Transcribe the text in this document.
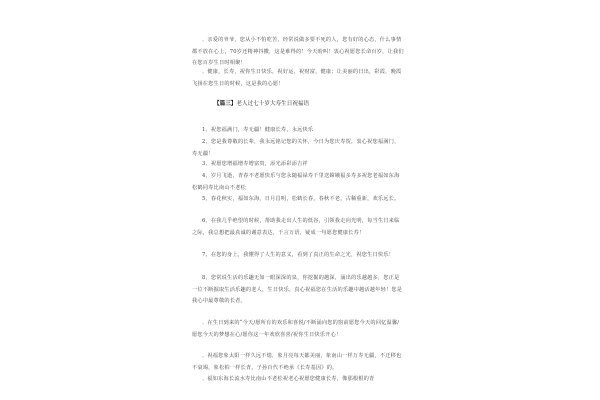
、亲爱的爷爷，您从小不怕吃苦，经常说做多要不死的人，您有好的心态，什么事情都不放在心上，70岁还精神抖擞，这是难得的！今天盼叫！衷心祝愿您长命百岁，让我们在您百岁生日时相聚！

、健康，长寿，祝你生日快乐，祝好运，祝财富，健康；让美丽的日出，彩霞，晚霞飞扬在您生日的时候，这是我的心愿！

【篇三】老人过七十岁大寿生日祝福语

1、祝您福满门，寿无疆！健康长寿，永远快乐

2、您是我尊敬的长辈，我永远铭记您的关怀，今日为您庆寿贺，衷心祝您福满门，寿无疆！

3、祝愿您增福增寿增富贵，添光添彩添吉祥

4、岁月飞逝，青春不老愿快乐与您永随福禄寿千里送嫦娥福多寿多祝您老福如东海松鹤同寿比南山不老松

5、春花秋实，福如东海，日月昌明，松鹤长春，春秋不老，古稀重新，欢乐远长。

6、在我几乎绝望的时候，帮助我走出人生的低谷，引领我走向光明，每当生日来临之际，我总想把最真诚的谢意表达，千言万语，疑成一句愿您健康长寿！

7、在您的身上，我懂得了人生的意义，看到了真正的生命之光，祝您生日快乐！

8、您常说生活的乐趣无如一眼深深的泉，你挖掘的越深，涌出的乐越越多，您正是一位不断掘取生活乐趣的老人，生日快乐，真心祝福您在生活的乐趣中越活越年轻！您是我心中最尊敬的长者。

、在生日到来的“今天/愿所有的欢乐和喜悦/不断涌向您的窗前愿您今天的回忆温馨/愿您今天的梦想在心/愿你这一年欢欣喜喜/祝你生日快乐开心！

、祝福您象太阳一样久远不熄，象月亮每天都美丽，象南山一样万寿无疆，不迁移也不衰竭，象松柏一样长青，子孙百代不绝承《长寿基因》的。

、福如东海长流水寿比南山不老松祝老心祝愿您健康长寿，像那根根的青
